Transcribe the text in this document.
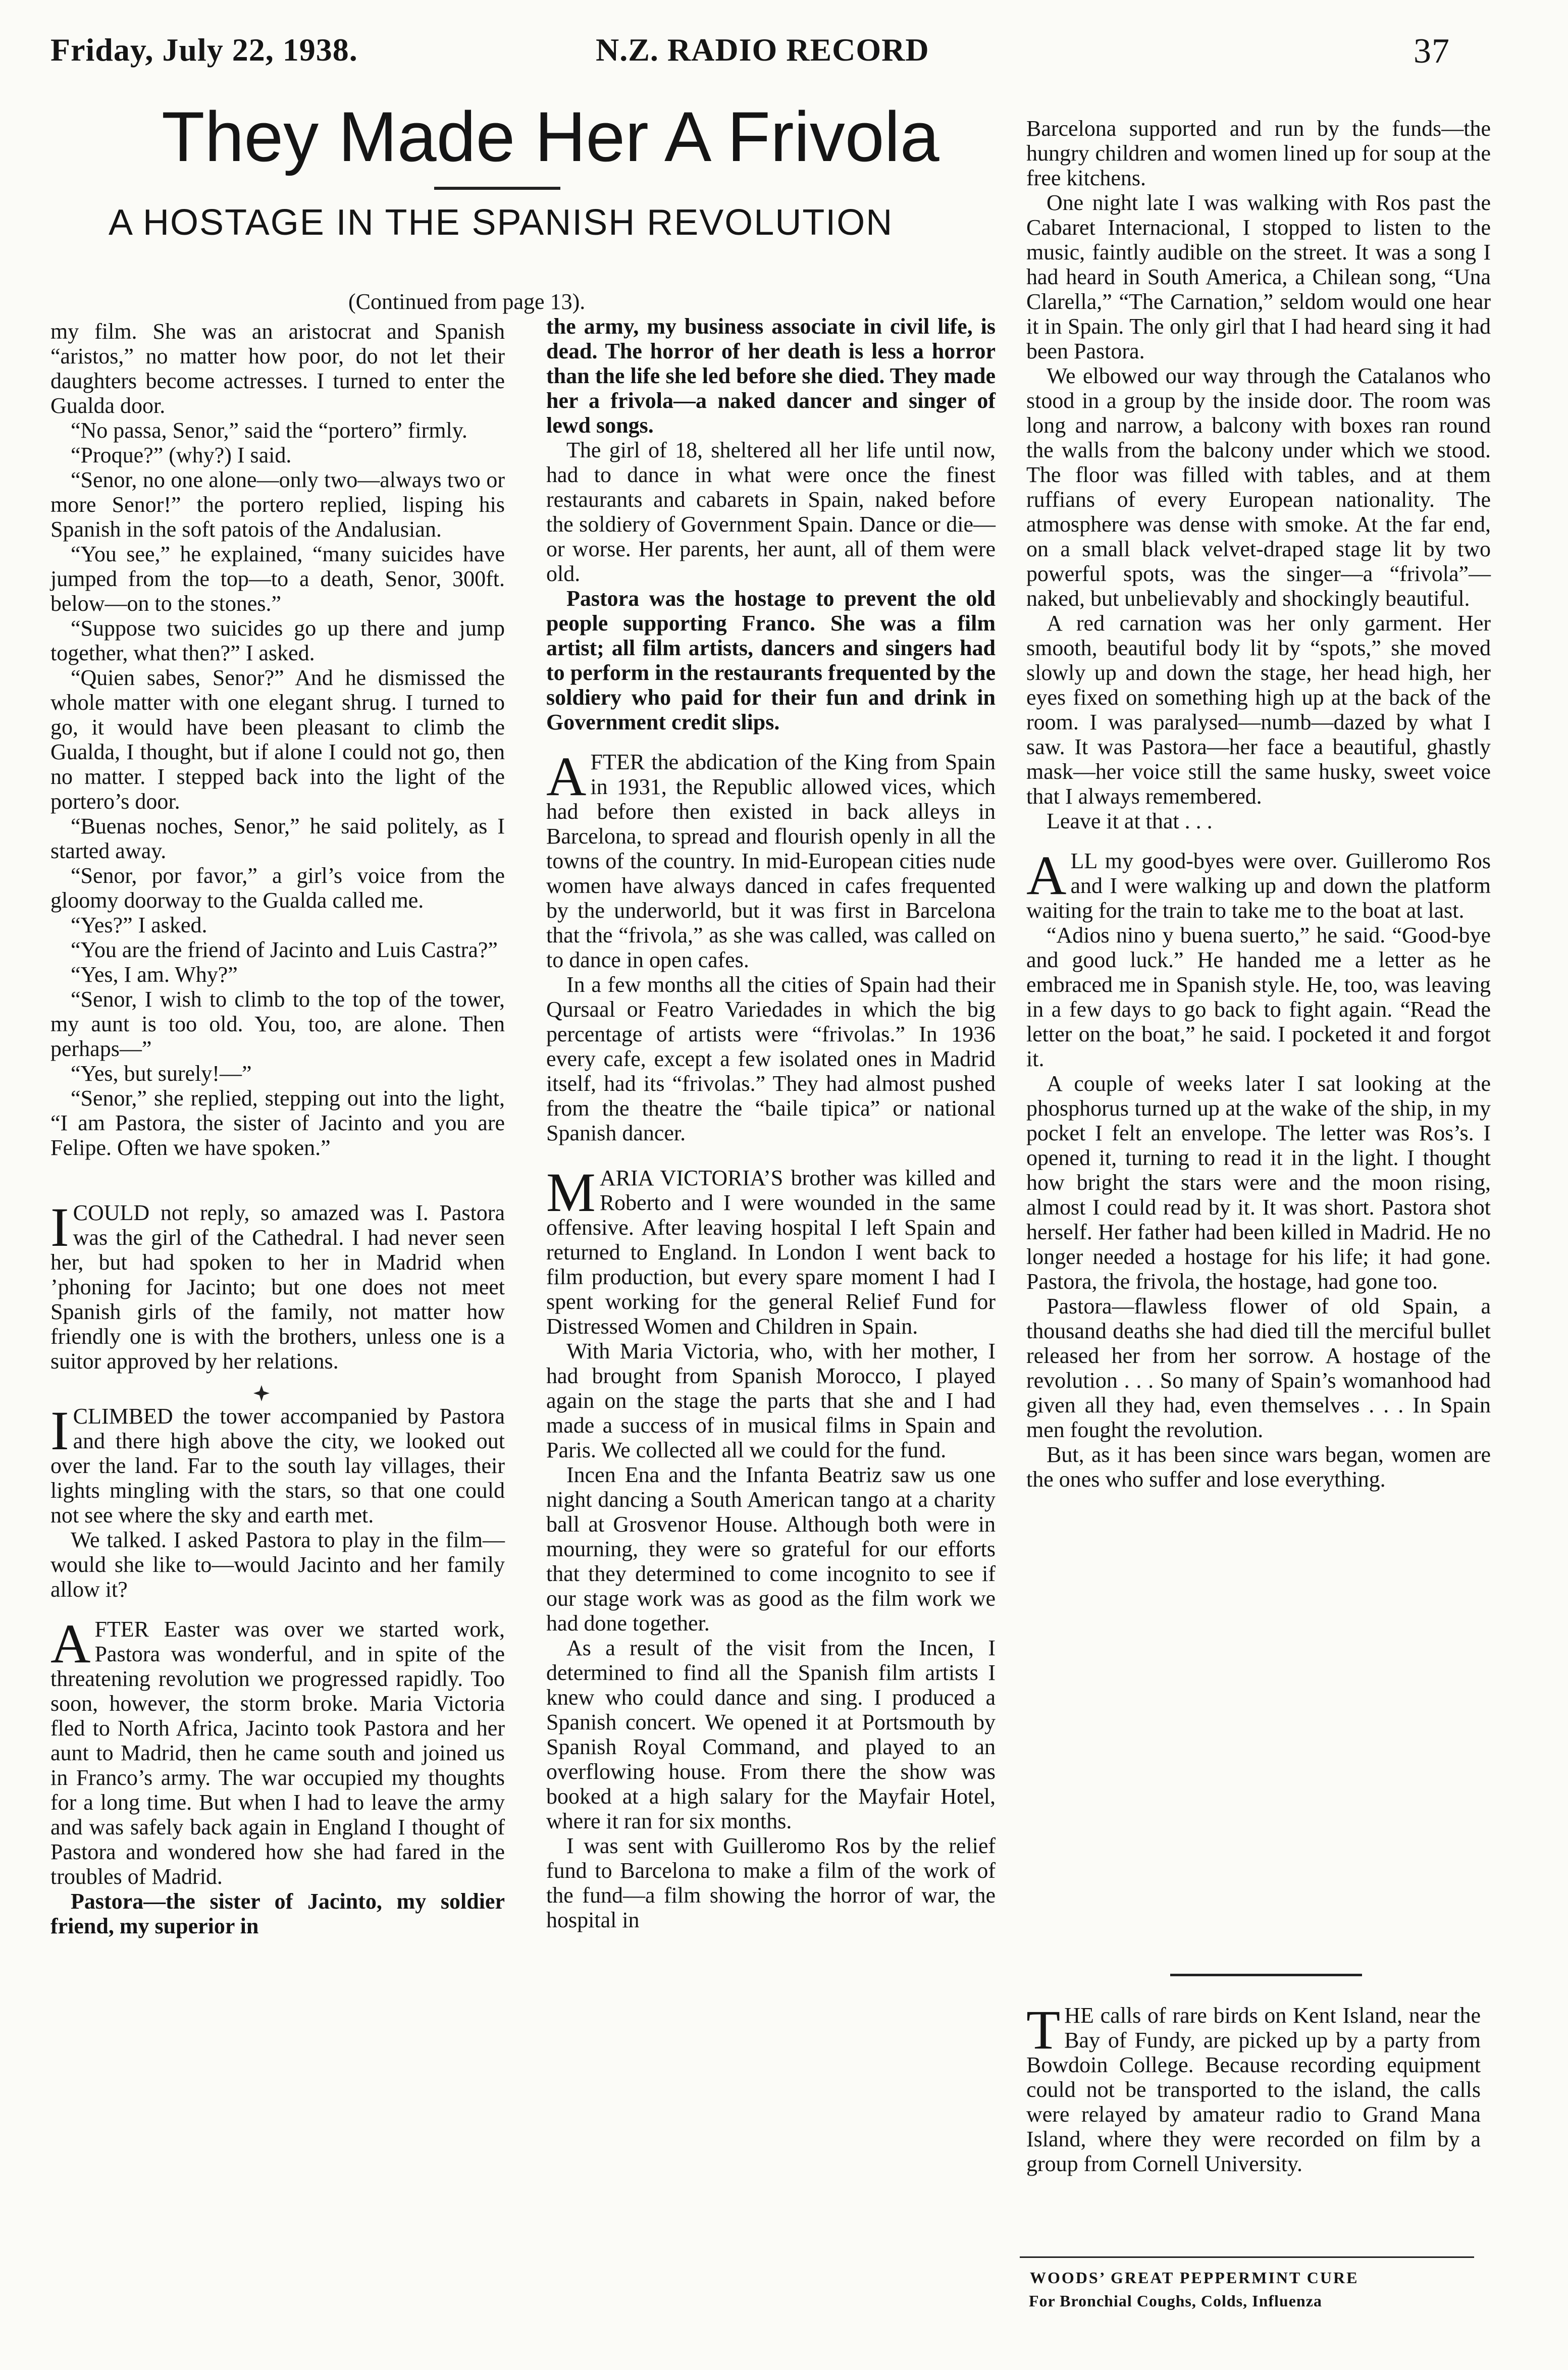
Friday, July 22, 1938.	N.Z. RADIO RECORD	37
They Made Her A Frivola
A HOSTAGE IN THE SPANISH REVOLUTION
(Continued from page 13).

my film. She was an aristocrat and Spanish “aristos,” no matter how poor, do not let their daughters become actresses. I turned to enter the Gualda door.

“No passa, Senor,” said the “portero” firmly.

“Proque?” (why?) I said.

“Senor, no one alone—only two—always two or more Senor!” the portero replied, lisping his Spanish in the soft patois of the Andalusian.

“You see,” he explained, “many suicides have jumped from the top—to a death, Senor, 300ft. below—on to the stones.”

“Suppose two suicides go up there and jump together, what then?” I asked.

“Quien sabes, Senor?” And he dismissed the whole matter with one elegant shrug. I turned to go, it would have been pleasant to climb the Gualda, I thought, but if alone I could not go, then no matter. I stepped back into the light of the portero’s door.

“Buenas noches, Senor,” he said politely, as I started away.

“Senor, por favor,” a girl’s voice from the gloomy doorway to the Gualda called me.

“Yes?” I asked.

“You are the friend of Jacinto and Luis Castra?”

“Yes, I am. Why?”

“Senor, I wish to climb to the top of the tower, my aunt is too old. You, too, are alone. Then perhaps—”

“Yes, but surely!—”

“Senor,” she replied, stepping out into the light, “I am Pastora, the sister of Jacinto and you are Felipe. Often we have spoken.”

ICOULD not reply, so amazed was I. Pastora was the girl of the Cathedral. I had never seen her, but had spoken to her in Madrid when ’phoning for Jacinto; but one does not meet Spanish girls of the family, not matter how friendly one is with the brothers, unless one is a suitor approved by her relations.

ICLIMBED the tower accompanied by Pastora and there high above the city, we looked out over the land. Far to the south lay villages, their lights mingling with the stars, so that one could not see where the sky and earth met.

We talked. I asked Pastora to play in the film—would she like to—would Jacinto and her family allow it?

AFTER Easter was over we started work, Pastora was wonderful, and in spite of the threatening revolution we progressed rapidly. Too soon, however, the storm broke. Maria Victoria fled to North Africa, Jacinto took Pastora and her aunt to Madrid, then he came south and joined us in Franco’s army. The war occupied my thoughts for a long time. But when I had to leave the army and was safely back again in England I thought of Pastora and wondered how she had fared in the troubles of Madrid.

Pastora—the sister of Jacinto, my soldier friend, my superior in

the army, my business associate in civil life, is dead. The horror of her death is less a horror than the life she led before she died. They made her a frivola—a naked dancer and singer of lewd songs.

The girl of 18, sheltered all her life until now, had to dance in what were once the finest restaurants and cabarets in Spain, naked before the soldiery of Government Spain. Dance or die—or worse. Her parents, her aunt, all of them were old.

Pastora was the hostage to prevent the old people supporting Franco. She was a film artist; all film artists, dancers and singers had to perform in the restaurants frequented by the soldiery who paid for their fun and drink in Government credit slips.

AFTER the abdication of the King from Spain in 1931, the Republic allowed vices, which had before then existed in back alleys in Barcelona, to spread and flourish openly in all the towns of the country. In mid-European cities nude women have always danced in cafes frequented by the underworld, but it was first in Barcelona that the “frivola,” as she was called, was called on to dance in open cafes.

In a few months all the cities of Spain had their Qursaal or Featro Variedades in which the big percentage of artists were “frivolas.” In 1936 every cafe, except a few isolated ones in Madrid itself, had its “frivolas.” They had almost pushed from the theatre the “baile tipica” or national Spanish dancer.

MARIA VICTORIA’S brother was killed and Roberto and I were wounded in the same offensive. After leaving hospital I left Spain and returned to England. In London I went back to film production, but every spare moment I had I spent working for the general Relief Fund for Distressed Women and Children in Spain.

With Maria Victoria, who, with her mother, I had brought from Spanish Morocco, I played again on the stage the parts that she and I had made a success of in musical films in Spain and Paris. We collected all we could for the fund.

Incen Ena and the Infanta Beatriz saw us one night dancing a South American tango at a charity ball at Grosvenor House. Although both were in mourning, they were so grateful for our efforts that they determined to come incognito to see if our stage work was as good as the film work we had done together.

As a result of the visit from the Incen, I determined to find all the Spanish film artists I knew who could dance and sing. I produced a Spanish concert. We opened it at Portsmouth by Spanish Royal Command, and played to an overflowing house. From there the show was booked at a high salary for the Mayfair Hotel, where it ran for six months.

I was sent with Guilleromo Ros by the relief fund to Barcelona to make a film of the work of the fund—a film showing the horror of war, the hospital in

Barcelona supported and run by the funds—the hungry children and women lined up for soup at the free kitchens.

One night late I was walking with Ros past the Cabaret Internacional, I stopped to listen to the music, faintly audible on the street. It was a song I had heard in South America, a Chilean song, “Una Clarella,” “The Carnation,” seldom would one hear it in Spain. The only girl that I had heard sing it had been Pastora.

We elbowed our way through the Catalanos who stood in a group by the inside door. The room was long and narrow, a balcony with boxes ran round the walls from the balcony under which we stood. The floor was filled with tables, and at them ruffians of every European nationality. The atmosphere was dense with smoke. At the far end, on a small black velvet-draped stage lit by two powerful spots, was the singer—a “frivola”—naked, but unbelievably and shockingly beautiful.

A red carnation was her only garment. Her smooth, beautiful body lit by “spots,” she moved slowly up and down the stage, her head high, her eyes fixed on something high up at the back of the room. I was paralysed—numb—dazed by what I saw. It was Pastora—her face a beautiful, ghastly mask—her voice still the same husky, sweet voice that I always remembered.

Leave it at that . . .

ALL my good-byes were over. Guilleromo Ros and I were walking up and down the platform waiting for the train to take me to the boat at last.

“Adios nino y buena suerto,” he said. “Good-bye and good luck.” He handed me a letter as he embraced me in Spanish style. He, too, was leaving in a few days to go back to fight again. “Read the letter on the boat,” he said. I pocketed it and forgot it.

A couple of weeks later I sat looking at the phosphorus turned up at the wake of the ship, in my pocket I felt an envelope. The letter was Ros’s. I opened it, turning to read it in the light. I thought how bright the stars were and the moon rising, almost I could read by it. It was short. Pastora shot herself. Her father had been killed in Madrid. He no longer needed a hostage for his life; it had gone. Pastora, the frivola, the hostage, had gone too.

Pastora—flawless flower of old Spain, a thousand deaths she had died till the merciful bullet released her from her sorrow. A hostage of the revolution . . . So many of Spain’s womanhood had given all they had, even themselves . . . In Spain men fought the revolution.

But, as it has been since wars began, women are the ones who suffer and lose everything.

THE calls of rare birds on Kent Island, near the Bay of Fundy, are picked up by a party from Bowdoin College. Because recording equipment could not be transported to the island, the calls were relayed by amateur radio to Grand Mana Island, where they were recorded on film by a group from Cornell University.

WOODS’ GREAT PEPPERMINT CURE
For Bronchial Coughs, Colds, Influenza
